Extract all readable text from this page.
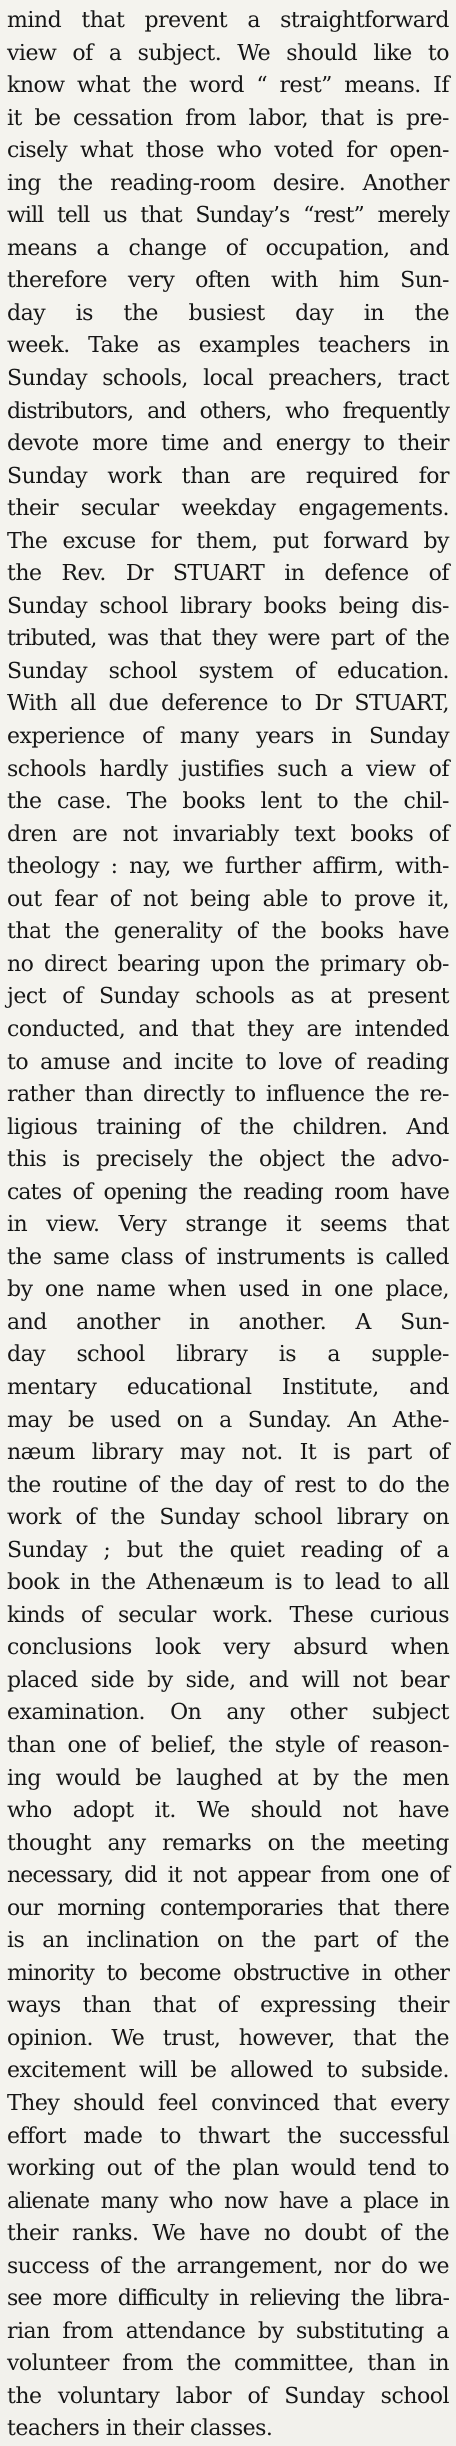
mind that prevent a straightforward
view of a subject. We should like to
know what the word “ rest” means. If
it be cessation from labor, that is pre-
cisely what those who voted for open-
ing the reading-room desire. Another
will tell us that Sunday’s “rest” merely
means a change of occupation, and
therefore very often with him Sun-
day is the busiest day in the
week. Take as examples teachers in
Sunday schools, local preachers, tract
distributors, and others, who frequently
devote more time and energy to their
Sunday work than are required for
their secular weekday engagements.
The excuse for them, put forward by
the Rev. Dr STUART in defence of
Sunday school library books being dis-
tributed, was that they were part of the
Sunday school system of education.
With all due deference to Dr STUART,
experience of many years in Sunday
schools hardly justifies such a view of
the case. The books lent to the chil-
dren are not invariably text books of
theology : nay, we further affirm, with-
out fear of not being able to prove it,
that the generality of the books have
no direct bearing upon the primary ob-
ject of Sunday schools as at present
conducted, and that they are intended
to amuse and incite to love of reading
rather than directly to influence the re-
ligious training of the children. And
this is precisely the object the advo-
cates of opening the reading room have
in view. Very strange it seems that
the same class of instruments is called
by one name when used in one place,
and another in another. A Sun-
day school library is a supple-
mentary educational Institute, and
may be used on a Sunday. An Athe-
næum library may not. It is part of
the routine of the day of rest to do the
work of the Sunday school library on
Sunday ; but the quiet reading of a
book in the Athenæum is to lead to all
kinds of secular work. These curious
conclusions look very absurd when
placed side by side, and will not bear
examination. On any other subject
than one of belief, the style of reason-
ing would be laughed at by the men
who adopt it. We should not have
thought any remarks on the meeting
necessary, did it not appear from one of
our morning contemporaries that there
is an inclination on the part of the
minority to become obstructive in other
ways than that of expressing their
opinion. We trust, however, that the
excitement will be allowed to subside.
They should feel convinced that every
effort made to thwart the successful
working out of the plan would tend to
alienate many who now have a place in
their ranks. We have no doubt of the
success of the arrangement, nor do we
see more difficulty in relieving the libra-
rian from attendance by substituting a
volunteer from the committee, than in
the voluntary labor of Sunday school
teachers in their classes.
